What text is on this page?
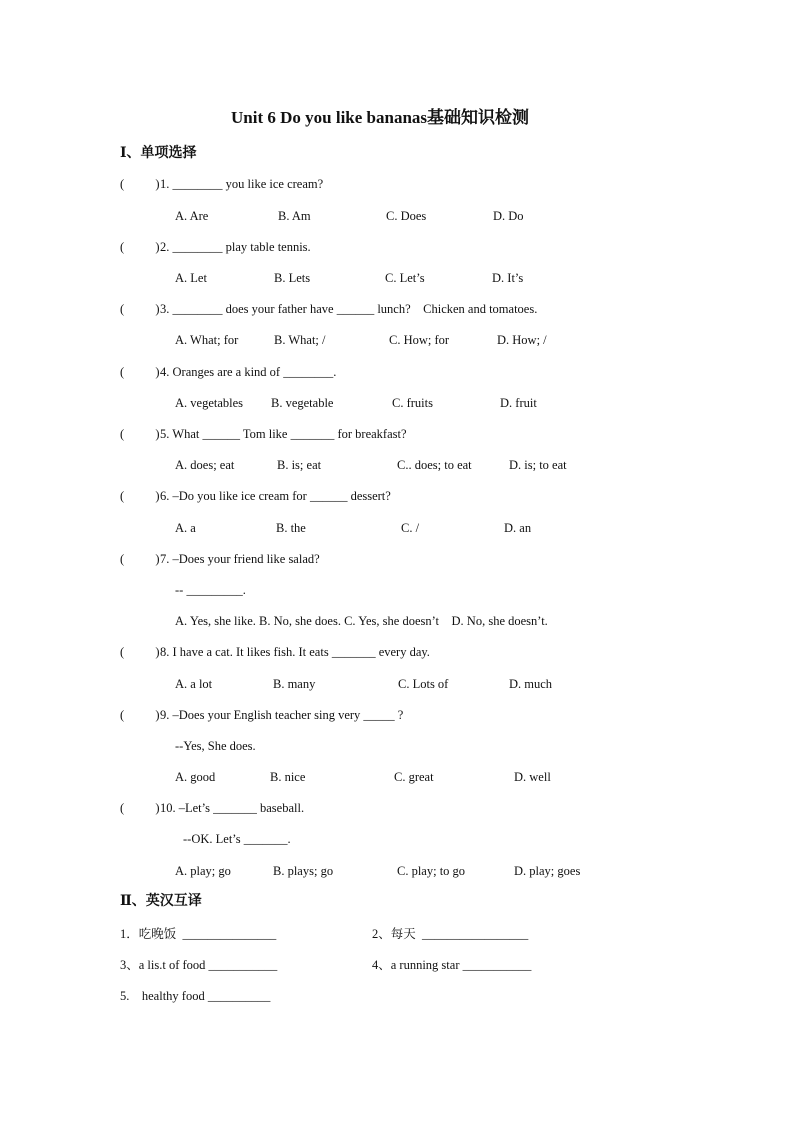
Unit 6 Do you like bananas基础知识检测
Ⅰ、单项选择
(          ) 1. ________ you like ice cream?
A. Are	B. Am	C. Does	D. Do
(          ) 2. ________ play table tennis.
A. Let	B. Lets	C. Let’s	D. It’s
(          ) 3. ________ does your father have ______ lunch?    Chicken and tomatoes.
A. What; for	B. What; /	C. How; for	D. How; /
(          ) 4. Oranges are a kind of ________.
A. vegetables B. vegetable	C. fruits	D. fruit
(          ) 5. What ______ Tom like _______ for breakfast?
A. does; eat	B. is; eat	C.. does; to eat	D. is; to eat
(          ) 6. –Do you like ice cream for ______ dessert?
A. a	B. the	C. /	D. an
(          ) 7. –Does your friend like salad?
-- _________.
A. Yes, she like. B. No, she does. C. Yes, she doesn’t    D. No, she doesn’t.
(          ) 8. I have a cat. It likes fish. It eats _______ every day.
A. a lot	B. many	C. Lots of	D. much
(          ) 9. –Does your English teacher sing very _____ ?
--Yes, She does.
A. good	B. nice	C. great	D. well
(          ) 10. –Let’s _______ baseball.
--OK. Let’s _______.
A. play; go	B. plays; go	C. play; to go	D. play; goes
Ⅱ、英汉互译
1．吃晚饭  _______________	2、每天  _________________
3、a lis.t of food ___________	4、a running star ___________
5.    healthy food __________
